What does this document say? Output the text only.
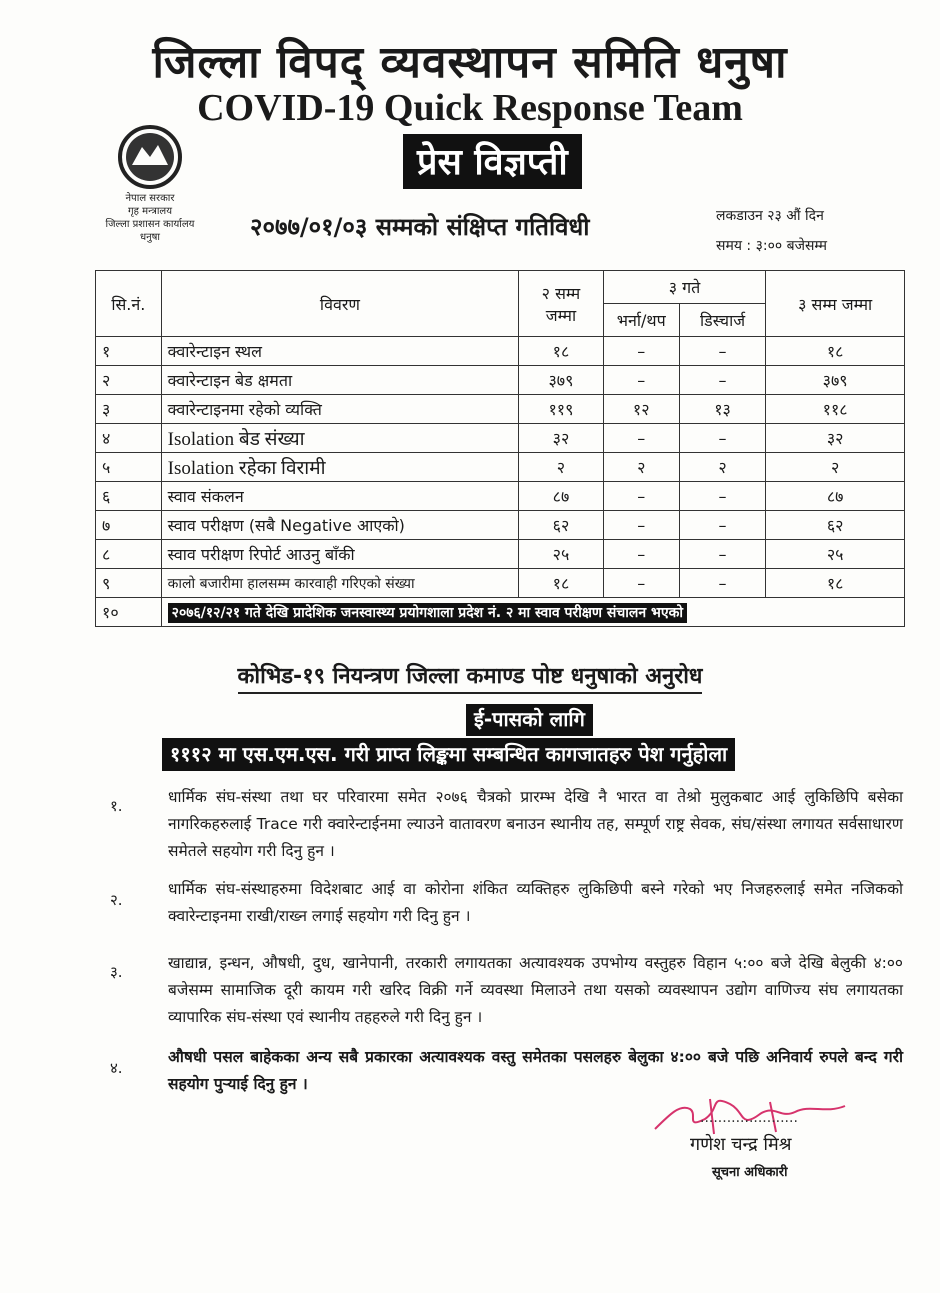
जिल्ला विपद् व्यवस्थापन समिति धनुषा
COVID-19 Quick Response Team
प्रेस विज्ञप्ती
नेपाल सरकार
गृह मन्त्रालय
जिल्ला प्रशासन कार्यालय
धनुषा	२०७७/०१/०३ सम्मको संक्षिप्त गतिविधी	लकडाउन २३ औं दिन
समय : ३:०० बजेसम्म
सि.नं.	विवरण	२ सम्म जम्मा	३ गते		३ सम्म जम्मा
			भर्ना/थप	डिस्चार्ज	
१	क्वारेन्टाइन स्थल	१८	–	–	१८
२	क्वारेन्टाइन बेड क्षमता	३७९	–	–	३७९
३	क्वारेन्टाइनमा रहेको व्यक्ति	११९	१२	१३	११८
४	Isolation बेड संख्या	३२	–	–	३२
५	Isolation रहेका विरामी	२	२	२	२
६	स्वाव संकलन	८७	–	–	८७
७	स्वाव परीक्षण (सबै Negative आएको)	६२	–	–	६२
८	स्वाव परीक्षण रिपोर्ट आउनु बाँकी	२५	–	–	२५
९	कालो बजारीमा हालसम्म कारवाही गरिएको संख्या	१८	–	–	१८
१०	२०७६/१२/२१ गते देखि प्रादेशिक जनस्वास्थ्य प्रयोगशाला प्रदेश नं. २ मा स्वाव परीक्षण संचालन भएको				
कोभिड-१९ नियन्त्रण जिल्ला कमाण्ड पोष्ट धनुषाको अनुरोध
ई-पासको लागि
१११२ मा एस.एम.एस. गरी प्राप्त लिङ्कमा सम्बन्धित कागजातहरु पेश गर्नुहोला
१.	धार्मिक संघ-संस्था तथा घर परिवारमा समेत २०७६ चैत्रको प्रारम्भ देखि नै भारत वा तेश्रो मुलुकबाट आई लुकिछिपि बसेका नागरिकहरुलाई Trace गरी क्वारेन्टाईनमा ल्याउने वातावरण बनाउन स्थानीय तह, सम्पूर्ण राष्ट्र सेवक, संघ/संस्था लगायत सर्वसाधारण समेतले सहयोग गरी दिनु हुन ।
२.
धार्मिक संघ-संस्थाहरुमा विदेशबाट आई वा कोरोना शंकित व्यक्तिहरु लुकिछिपी बस्ने गरेको भए निजहरुलाई समेत नजिकको क्वारेन्टाइनमा राखी/राख्न लगाई सहयोग गरी दिनु हुन ।
३.	खाद्यान्न, इन्धन, औषधी, दुध, खानेपानी, तरकारी लगायतका अत्यावश्यक उपभोग्य वस्तुहरु विहान ५:०० बजे देखि बेलुकी ४:०० बजेसम्म सामाजिक दूरी कायम गरी खरिद विक्री गर्ने व्यवस्था मिलाउने तथा यसको व्यवस्थापन उद्योग वाणिज्य संघ लगायतका व्यापारिक संघ-संस्था एवं स्थानीय तहहरुले गरी दिनु हुन ।
४.
औषधी पसल बाहेकका अन्य सबै प्रकारका अत्यावश्यक वस्तु समेतका पसलहरु बेलुका ४:०० बजे पछि अनिवार्य रुपले बन्द गरी सहयोग पुऱ्याई दिनु हुन ।
......................
गणेश चन्द्र मिश्र
सूचना अधिकारी
